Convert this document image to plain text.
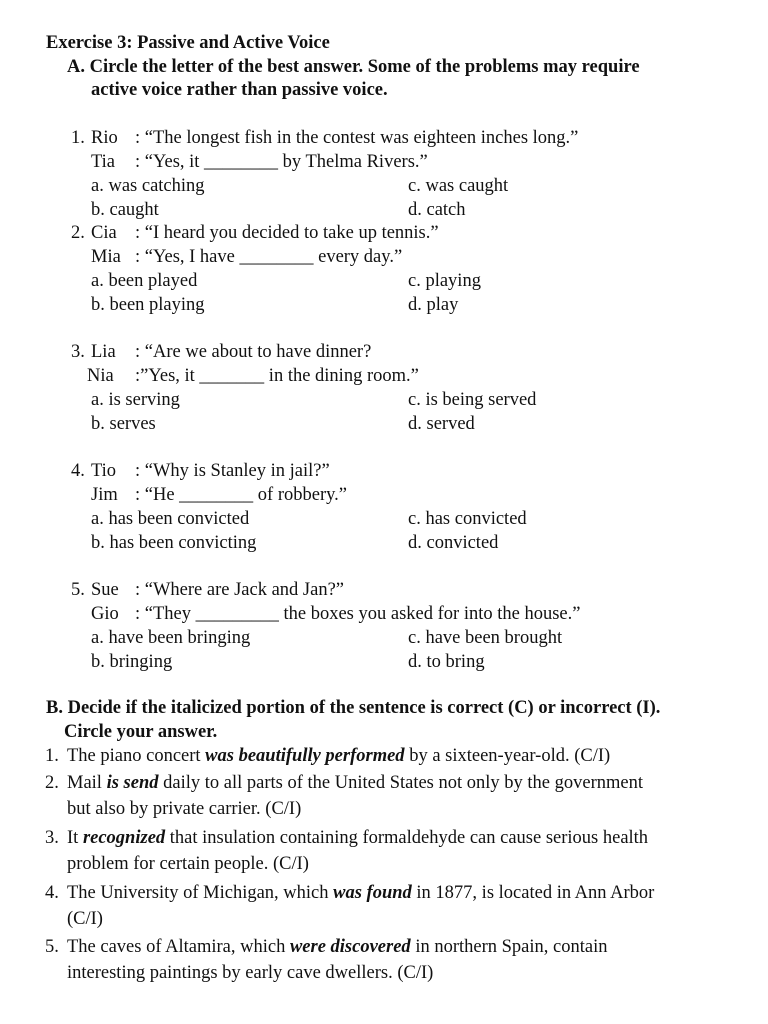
Exercise 3: Passive and Active Voice
A. Circle the letter of the best answer. Some of the problems may require
active voice rather than passive voice.
1. Rio : “The longest fish in the contest was eighteen inches long.”
Tia : “Yes, it ________ by Thelma Rivers.”
a. was catching
b. caught
c. was caught
d. catch
2. Cia : “I heard you decided to take up tennis.”
Mia : “Yes, I have ________ every day.”
a. been played
b. been playing
c. playing
d. play
3. Lia : “Are we about to have dinner?
Nia :”Yes, it _______ in the dining room.”
a. is serving
b. serves
c. is being served
d. served
4. Tio : “Why is Stanley in jail?”
Jim : “He ________ of robbery.”
a. has been convicted
b. has been convicting
c. has convicted
d. convicted
5. Sue : “Where are Jack and Jan?”
Gio : “They _________ the boxes you asked for into the house.”
a. have been bringing
b. bringing
c. have been brought
d. to bring
B. Decide if the italicized portion of the sentence is correct (C) or incorrect (I).
Circle your answer.
1. The piano concert was beautifully performed by a sixteen-year-old. (C/I)
2. Mail is send daily to all parts of the United States not only by the government
but also by private carrier. (C/I)
3. It recognized that insulation containing formaldehyde can cause serious health
problem for certain people. (C/I)
4. The University of Michigan, which was found in 1877, is located in Ann Arbor
(C/I)
5. The caves of Altamira, which were discovered in northern Spain, contain
interesting paintings by early cave dwellers. (C/I)
